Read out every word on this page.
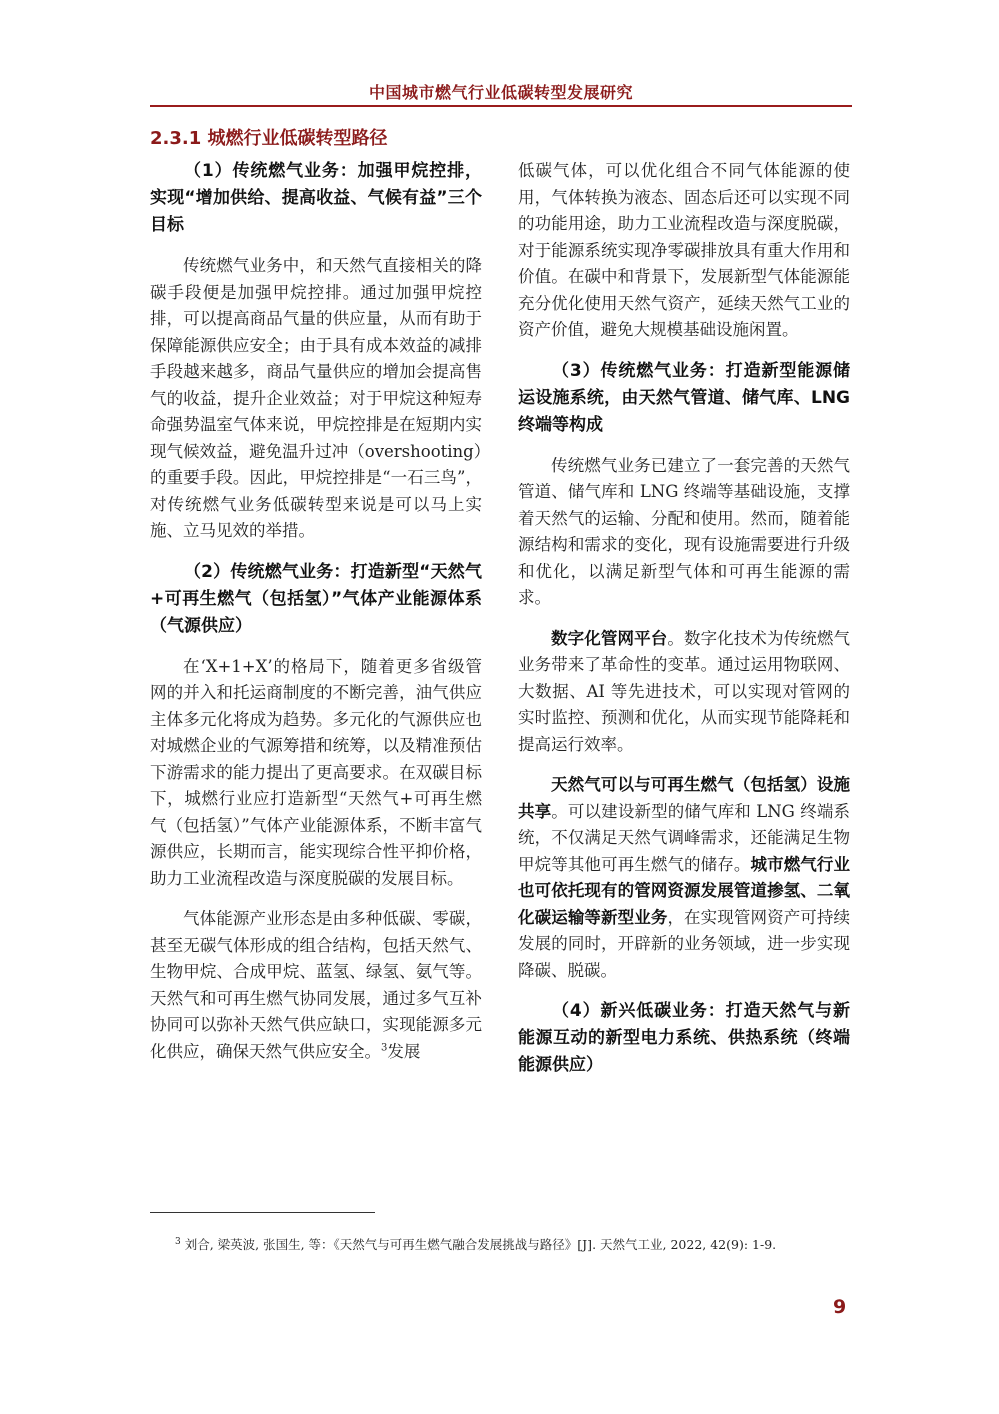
中国城市燃气行业低碳转型发展研究
2.3.1 城燃行业低碳转型路径

（1）传统燃气业务：加强甲烷控排，实现“增加供给、提高收益、气候有益”三个目标

传统燃气业务中，和天然气直接相关的降碳手段便是加强甲烷控排。通过加强甲烷控排，可以提高商品气量的供应量，从而有助于保障能源供应安全；由于具有成本效益的减排手段越来越多，商品气量供应的增加会提高售气的收益，提升企业效益；对于甲烷这种短寿命强势温室气体来说，甲烷控排是在短期内实现气候效益，避免温升过冲（overshooting）的重要手段。因此，甲烷控排是“一石三鸟”，对传统燃气业务低碳转型来说是可以马上实施、立马见效的举措。

（2）传统燃气业务：打造新型“天然气+可再生燃气（包括氢）”气体产业能源体系（气源供应）

在‘X+1+X’的格局下，随着更多省级管网的并入和托运商制度的不断完善，油气供应主体多元化将成为趋势。多元化的气源供应也对城燃企业的气源筹措和统筹，以及精准预估下游需求的能力提出了更高要求。在双碳目标下，城燃行业应打造新型“天然气+可再生燃气（包括氢）”气体产业能源体系，不断丰富气源供应，长期而言，能实现综合性平抑价格，助力工业流程改造与深度脱碳的发展目标。

气体能源产业形态是由多种低碳、零碳，甚至无碳气体形成的组合结构，包括天然气、生物甲烷、合成甲烷、蓝氢、绿氢、氨气等。天然气和可再生燃气协同发展，通过多气互补协同可以弥补天然气供应缺口，实现能源多元化供应，确保天然气供应安全。$^3$发展

低碳气体，可以优化组合不同气体能源的使用，气体转换为液态、固态后还可以实现不同的功能用途，助力工业流程改造与深度脱碳，对于能源系统实现净零碳排放具有重大作用和价值。在碳中和背景下，发展新型气体能源能充分优化使用天然气资产，延续天然气工业的资产价值，避免大规模基础设施闲置。

（3）传统燃气业务：打造新型能源储运设施系统，由天然气管道、储气库、LNG 终端等构成

传统燃气业务已建立了一套完善的天然气管道、储气库和 LNG 终端等基础设施，支撑着天然气的运输、分配和使用。然而，随着能源结构和需求的变化，现有设施需要进行升级和优化，以满足新型气体和可再生能源的需求。

数字化管网平台。数字化技术为传统燃气业务带来了革命性的变革。通过运用物联网、大数据、AI 等先进技术，可以实现对管网的实时监控、预测和优化，从而实现节能降耗和提高运行效率。

天然气可以与可再生燃气（包括氢）设施共享。可以建设新型的储气库和 LNG 终端系统，不仅满足天然气调峰需求，还能满足生物甲烷等其他可再生燃气的储存。城市燃气行业也可依托现有的管网资源发展管道掺氢、二氧化碳运输等新型业务，在实现管网资产可持续发展的同时，开辟新的业务领域，进一步实现降碳、脱碳。

（4）新兴低碳业务：打造天然气与新能源互动的新型电力系统、供热系统（终端能源供应）

$^3$ 刘合, 梁英波, 张国生, 等：《天然气与可再生燃气融合发展挑战与路径》[J]. 天然气工业, 2022, 42(9): 1-9.
9
